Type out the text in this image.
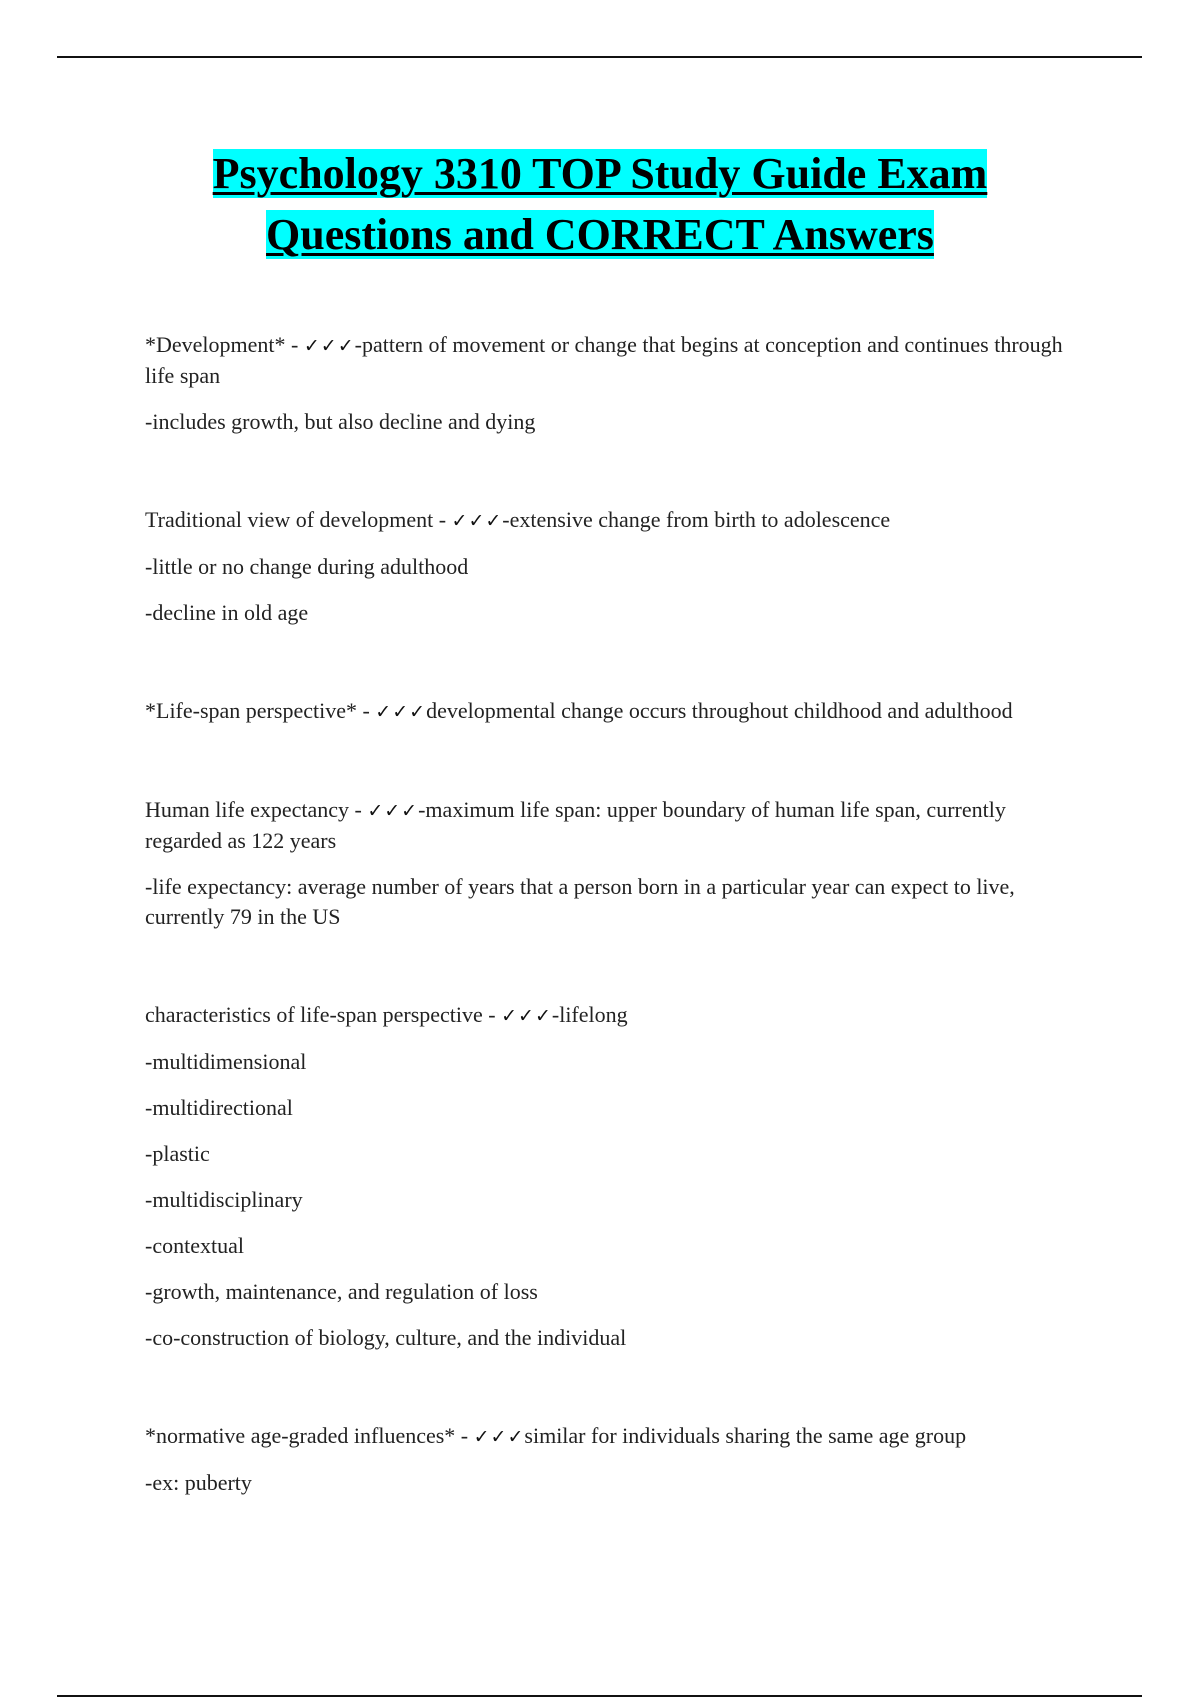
Psychology 3310 TOP Study Guide Exam
Questions and CORRECT Answers

*Development* - ✓✓✓-pattern of movement or change that begins at conception and continues through life span

-includes growth, but also decline and dying

Traditional view of development - ✓✓✓-extensive change from birth to adolescence

-little or no change during adulthood

-decline in old age

*Life-span perspective* - ✓✓✓developmental change occurs throughout childhood and adulthood

Human life expectancy - ✓✓✓-maximum life span: upper boundary of human life span, currently regarded as 122 years

-life expectancy: average number of years that a person born in a particular year can expect to live, currently 79 in the US

characteristics of life-span perspective - ✓✓✓-lifelong

-multidimensional

-multidirectional

-plastic

-multidisciplinary

-contextual

-growth, maintenance, and regulation of loss

-co-construction of biology, culture, and the individual

*normative age-graded influences* - ✓✓✓similar for individuals sharing the same age group

-ex: puberty
